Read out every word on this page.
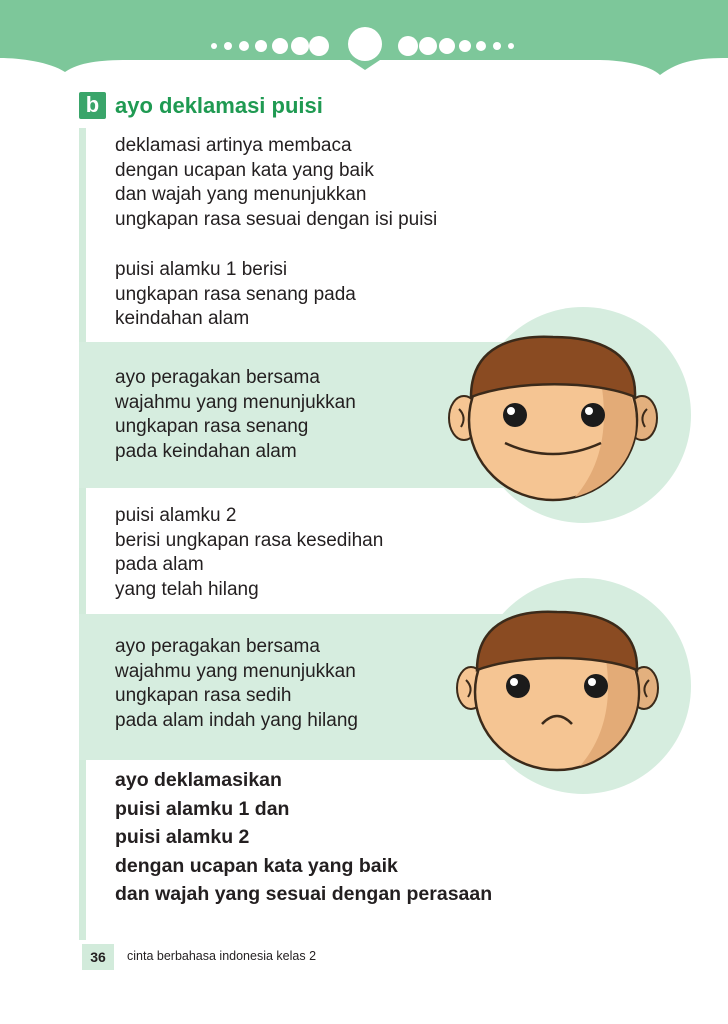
b ayo deklamasi puisi
deklamasi artinya membaca
dengan ucapan kata yang baik
dan wajah yang menunjukkan
ungkapan rasa sesuai dengan isi puisi
puisi alamku 1 berisi
ungkapan rasa senang pada
keindahan alam
ayo peragakan bersama
wajahmu yang menunjukkan
ungkapan rasa senang
pada keindahan alam
puisi alamku 2
berisi ungkapan rasa kesedihan
pada alam
yang telah hilang
ayo peragakan bersama
wajahmu yang menunjukkan
ungkapan rasa sedih
pada alam indah yang hilang
ayo deklamasikan
puisi alamku 1 dan
puisi alamku 2
dengan ucapan kata yang baik
dan wajah yang sesuai dengan perasaan
36	cinta berbahasa indonesia kelas 2
